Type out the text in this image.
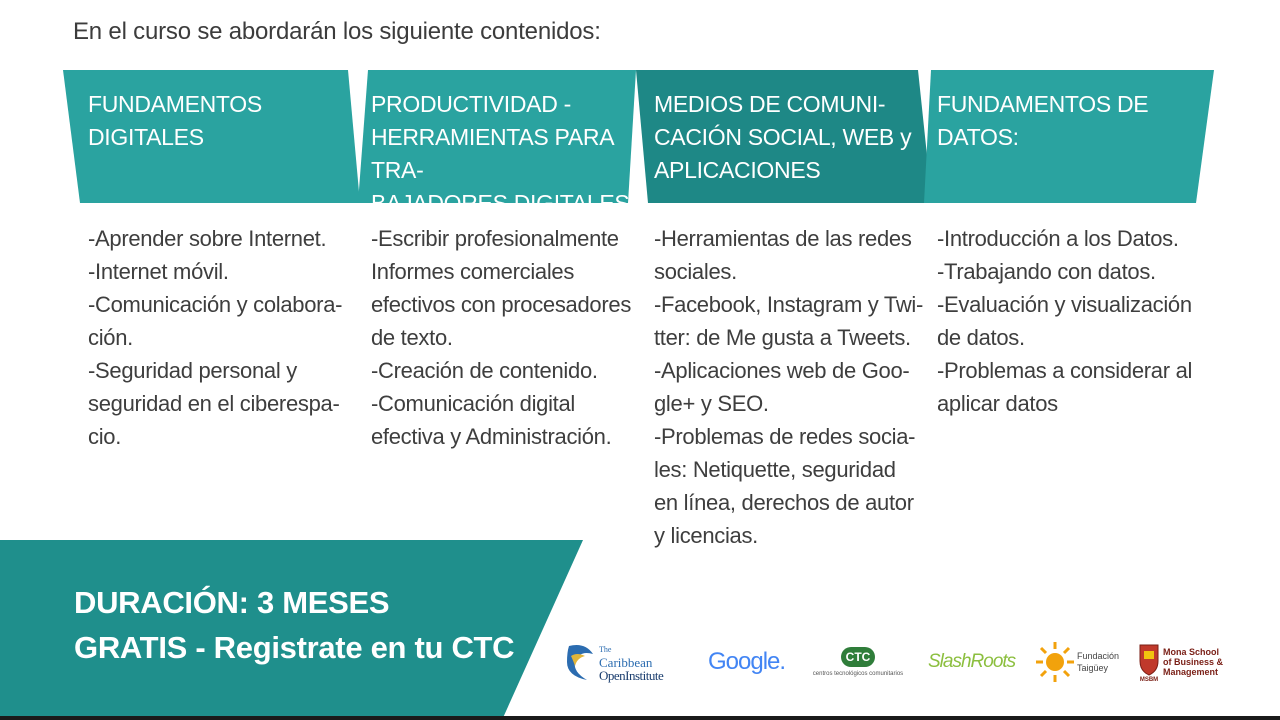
En el curso se abordarán los siguiente contenidos:
FUNDAMENTOS
DIGITALES
PRODUCTIVIDAD -
HERRAMIENTAS PARA TRA-
BAJADORES DIGITALES
MEDIOS DE COMUNI-
CACIÓN SOCIAL, WEB y
APLICACIONES
FUNDAMENTOS DE
DATOS:
-Aprender sobre Internet.
-Internet móvil.
-Comunicación y colabora-
ción.
-Seguridad personal y
seguridad en el ciberespa-
cio.
-Escribir profesionalmente
Informes comerciales
efectivos con procesadores
de texto.
-Creación de contenido.
-Comunicación digital
efectiva y Administración.
-Herramientas de las redes
sociales.
-Facebook, Instagram y Twi-
tter: de Me gusta a Tweets.
-Aplicaciones web de Goo-
gle+ y SEO.
-Problemas de redes socia-
les: Netiquette, seguridad
en línea, derechos de autor
y licencias.
-Introducción a los Datos.
-Trabajando con datos.
-Evaluación y visualización
de datos.
-Problemas a considerar al
aplicar datos
DURACIÓN: 3 MESES
GRATIS - Registrate en tu CTC	The
Caribbean
OpenInstitute Google.	CTC
centros tecnológicos comunitarios
SlashRoots	Fundación
Taigüey
MSBM
Mona School
of Business &
Management
